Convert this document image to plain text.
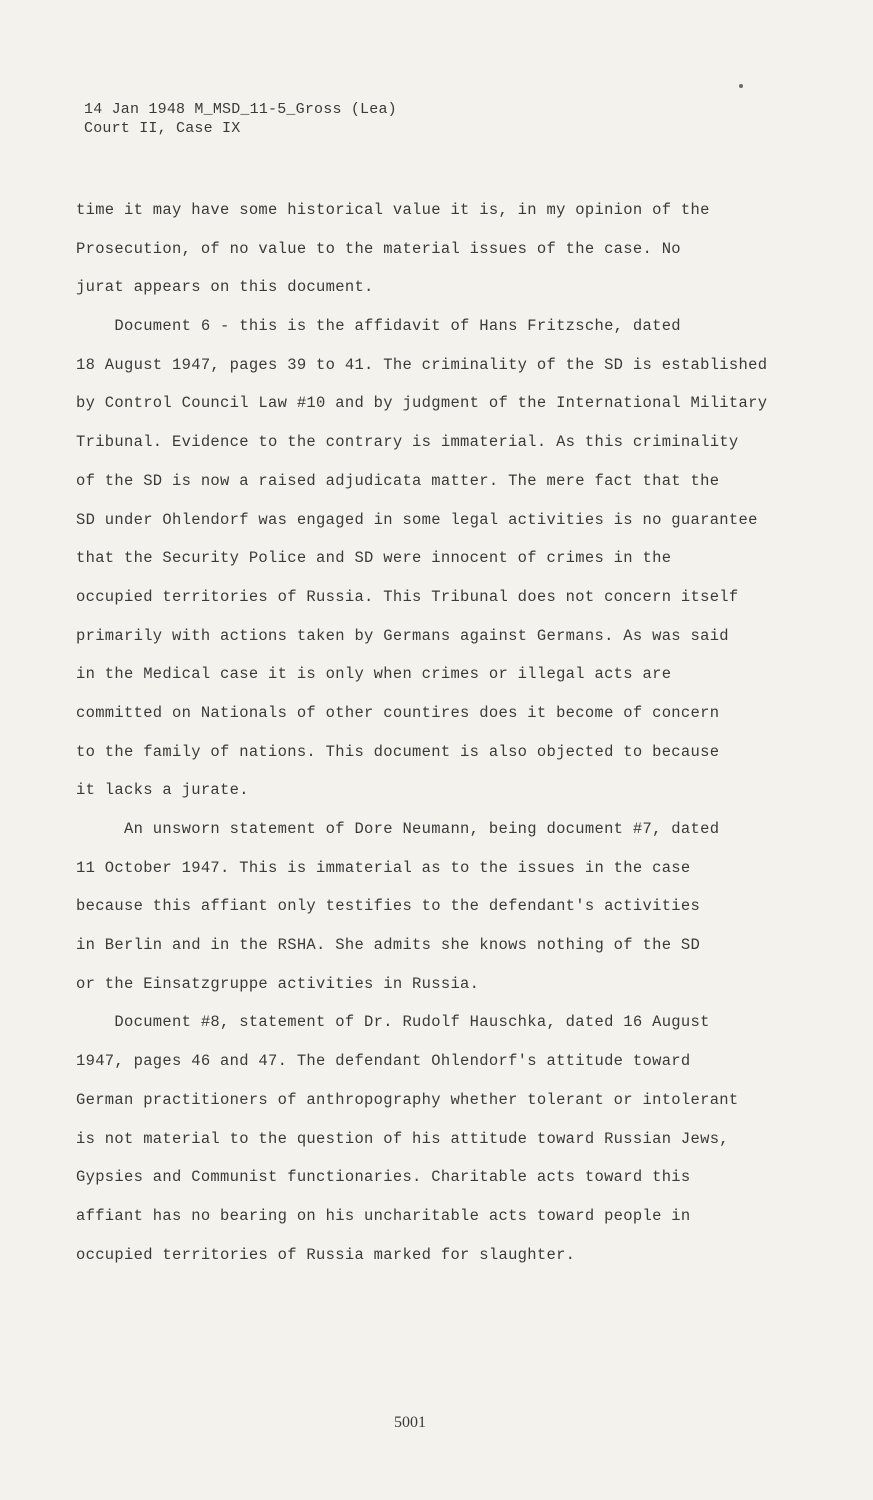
14 Jan 1948 M_MSD_11-5_Gross (Lea)
Court II, Case IX
time it may have some historical value it is, in my opinion of the
Prosecution, of no value to the material issues of the case. No
jurat appears on this document.
Document 6 - this is the affidavit of Hans Fritzsche, dated
18 August 1947, pages 39 to 41. The criminality of the SD is established
by Control Council Law #10 and by judgment of the International Military
Tribunal. Evidence to the contrary is immaterial. As this criminality
of the SD is now a raised adjudicata matter. The mere fact that the
SD under Ohlendorf was engaged in some legal activities is no guarantee
that the Security Police and SD were innocent of crimes in the
occupied territories of Russia. This Tribunal does not concern itself
primarily with actions taken by Germans against Germans. As was said
in the Medical case it is only when crimes or illegal acts are
committed on Nationals of other countires does it become of concern
to the family of nations. This document is also objected to because
it lacks a jurate.
An unsworn statement of Dore Neumann, being document #7, dated
11 October 1947. This is immaterial as to the issues in the case
because this affiant only testifies to the defendant's activities
in Berlin and in the RSHA. She admits she knows nothing of the SD
or the Einsatzgruppe activities in Russia.
Document #8, statement of Dr. Rudolf Hauschka, dated 16 August
1947, pages 46 and 47. The defendant Ohlendorf's attitude toward
German practitioners of anthropography whether tolerant or intolerant
is not material to the question of his attitude toward Russian Jews,
Gypsies and Communist functionaries. Charitable acts toward this
affiant has no bearing on his uncharitable acts toward people in
occupied territories of Russia marked for slaughter.
5001
